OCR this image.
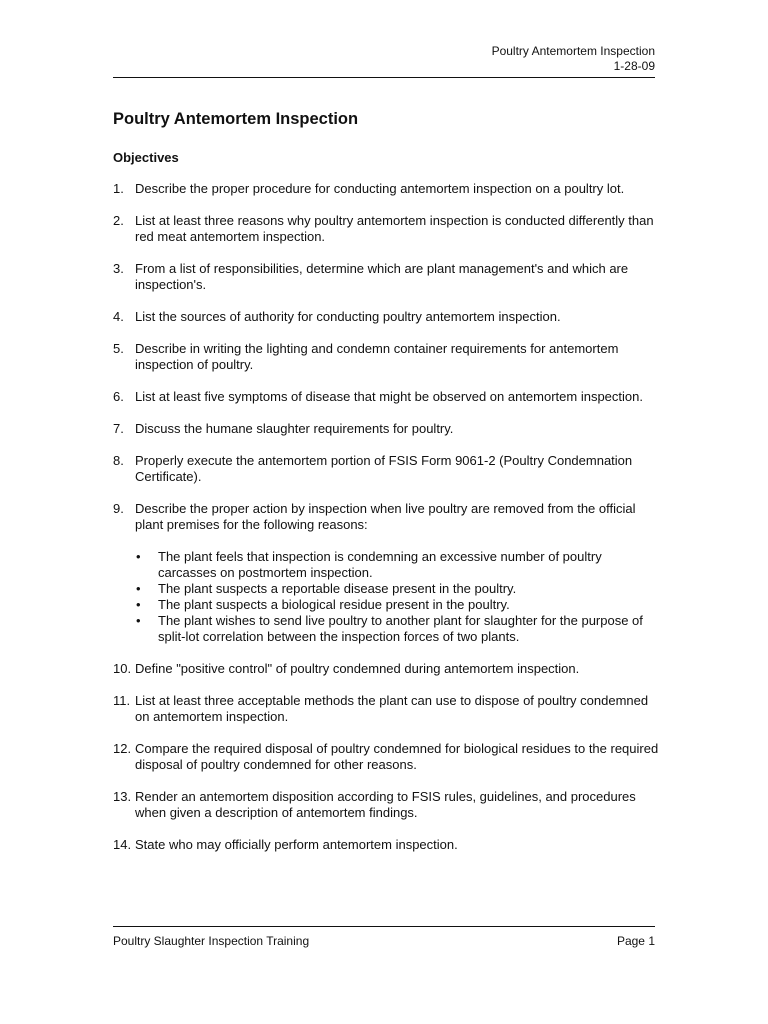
Poultry Antemortem Inspection
1-28-09
Poultry Antemortem Inspection
Objectives
1. Describe the proper procedure for conducting antemortem inspection on a poultry lot.
2. List at least three reasons why poultry antemortem inspection is conducted differently than red meat antemortem inspection.
3. From a list of responsibilities, determine which are plant management's and which are inspection's.
4. List the sources of authority for conducting poultry antemortem inspection.
5. Describe in writing the lighting and condemn container requirements for antemortem inspection of poultry.
6. List at least five symptoms of disease that might be observed on antemortem inspection.
7. Discuss the humane slaughter requirements for poultry.
8. Properly execute the antemortem portion of FSIS Form 9061-2 (Poultry Condemnation Certificate).
9. Describe the proper action by inspection when live poultry are removed from the official plant premises for the following reasons:
• The plant feels that inspection is condemning an excessive number of poultry carcasses on postmortem inspection.
• The plant suspects a reportable disease present in the poultry.
• The plant suspects a biological residue present in the poultry.
• The plant wishes to send live poultry to another plant for slaughter for the purpose of split-lot correlation between the inspection forces of two plants.
10. Define "positive control" of poultry condemned during antemortem inspection.
11. List at least three acceptable methods the plant can use to dispose of poultry condemned on antemortem inspection.
12. Compare the required disposal of poultry condemned for biological residues to the required disposal of poultry condemned for other reasons.
13. Render an antemortem disposition according to FSIS rules, guidelines, and procedures when given a description of antemortem findings.
14. State who may officially perform antemortem inspection.
Poultry Slaughter Inspection Training	Page 1
